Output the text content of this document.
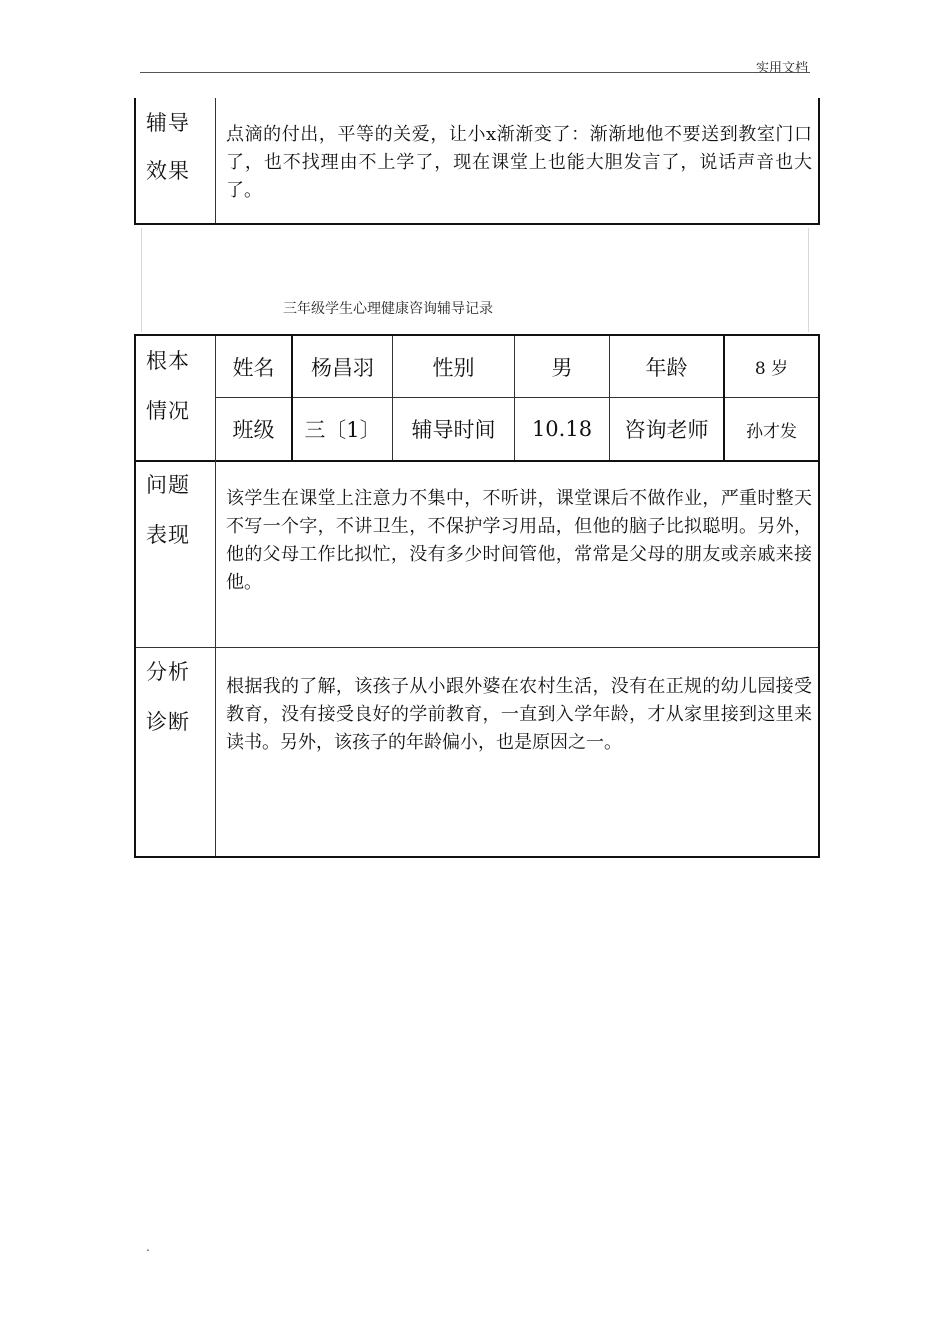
实用文档
辅导
效果
点滴的付出，平等的关爱，让小x渐渐变了：渐渐地他不要送到教室门口了，也不找理由不上学了，现在课堂上也能大胆发言了，说话声音也大了。
三年级学生心理健康咨询辅导记录
根本
情况
姓名	杨昌羽	性别	男	年龄	8 岁
班级	三〔1〕	辅导时间	10.18	咨询老师	孙才发
问题
表现
该学生在课堂上注意力不集中，不听讲，课堂课后不做作业，严重时整天不写一个字，不讲卫生，不保护学习用品，但他的脑子比拟聪明。另外，他的父母工作比拟忙，没有多少时间管他，常常是父母的朋友或亲戚来接他。
分析
诊断
根据我的了解，该孩子从小跟外婆在农村生活，没有在正规的幼儿园接受教育，没有接受良好的学前教育，一直到入学年龄，才从家里接到这里来读书。另外，该孩子的年龄偏小，也是原因之一。
.
